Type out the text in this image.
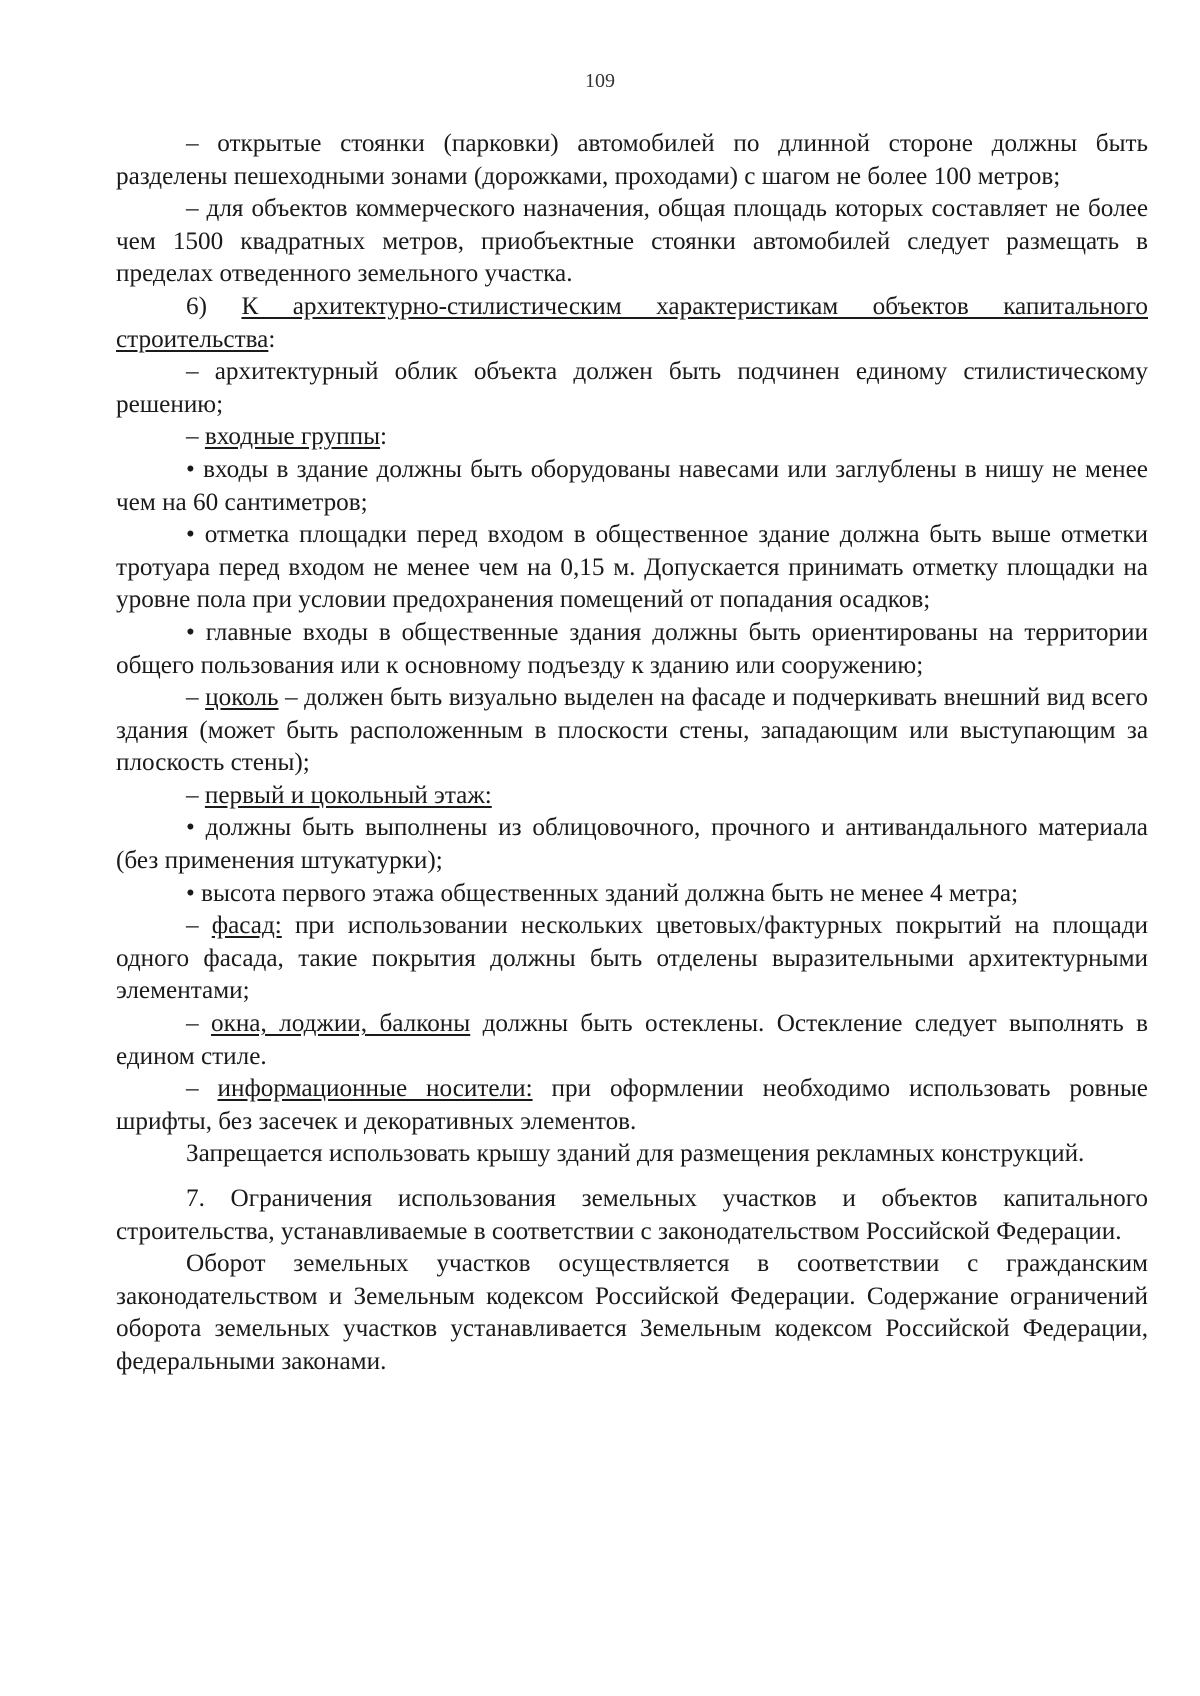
109

– открытые стоянки (парковки) автомобилей по длинной стороне должны быть разделены пешеходными зонами (дорожками, проходами) с шагом не более 100 метров;

– для объектов коммерческого назначения, общая площадь которых составляет не более чем 1500 квадратных метров, приобъектные стоянки автомобилей следует размещать в пределах отведенного земельного участка.

6) К архитектурно-стилистическим характеристикам объектов капитального строительства:

– архитектурный облик объекта должен быть подчинен единому стилистическому решению;

– входные группы:

• входы в здание должны быть оборудованы навесами или заглублены в нишу не менее чем на 60 сантиметров;

• отметка площадки перед входом в общественное здание должна быть выше отметки тротуара перед входом не менее чем на 0,15 м. Допускается принимать отметку площадки на уровне пола при условии предохранения помещений от попадания осадков;

• главные входы в общественные здания должны быть ориентированы на территории общего пользования или к основному подъезду к зданию или сооружению;

– цоколь – должен быть визуально выделен на фасаде и подчеркивать внешний вид всего здания (может быть расположенным в плоскости стены, западающим или выступающим за плоскость стены);

– первый и цокольный этаж:

• должны быть выполнены из облицовочного, прочного и антивандального материала (без применения штукатурки);

• высота первого этажа общественных зданий должна быть не менее 4 метра;

– фасад: при использовании нескольких цветовых/фактурных покрытий на площади одного фасада, такие покрытия должны быть отделены выразительными архитектурными элементами;

– окна, лоджии, балконы должны быть остеклены. Остекление следует выполнять в едином стиле.

– информационные носители: при оформлении необходимо использовать ровные шрифты, без засечек и декоративных элементов.

Запрещается использовать крышу зданий для размещения рекламных конструкций.

7. Ограничения использования земельных участков и объектов капитального строительства, устанавливаемые в соответствии с законодательством Российской Федерации.

Оборот земельных участков осуществляется в соответствии с гражданским законодательством и Земельным кодексом Российской Федерации. Содержание ограничений оборота земельных участков устанавливается Земельным кодексом Российской Федерации, федеральными законами.
